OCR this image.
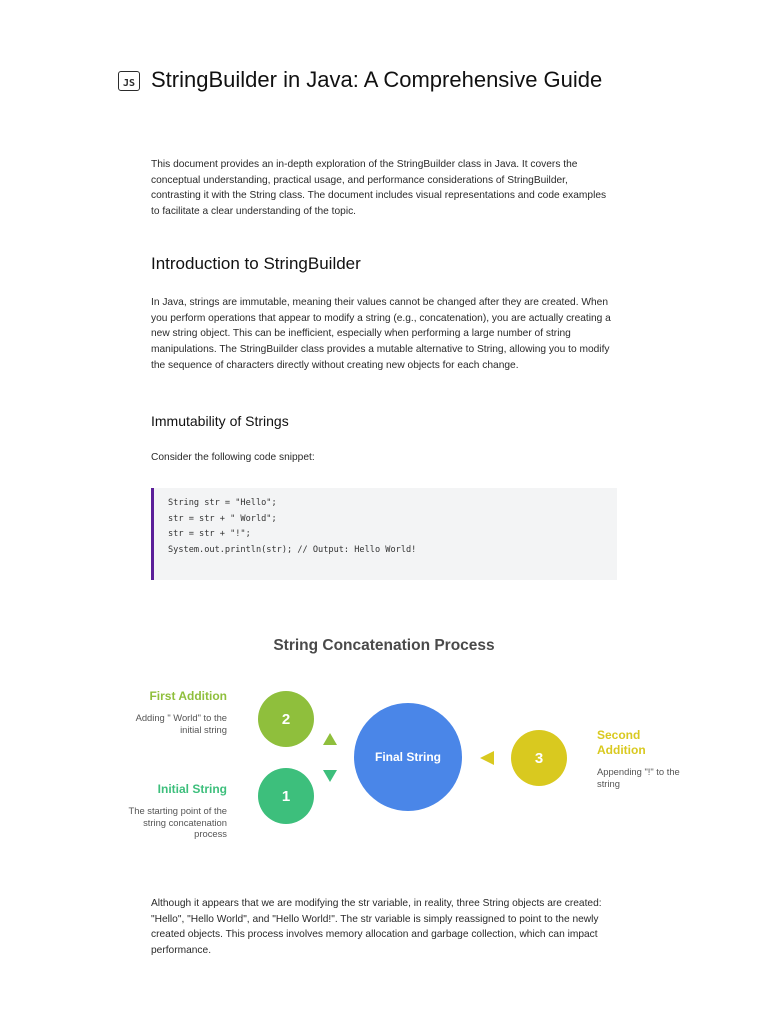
JS StringBuilder in Java: A Comprehensive Guide

This document provides an in-depth exploration of the StringBuilder class in Java. It covers the conceptual understanding, practical usage, and performance considerations of StringBuilder, contrasting it with the String class. The document includes visual representations and code examples to facilitate a clear understanding of the topic.

Introduction to StringBuilder

In Java, strings are immutable, meaning their values cannot be changed after they are created. When you perform operations that appear to modify a string (e.g., concatenation), you are actually creating a new string object. This can be inefficient, especially when performing a large number of string manipulations. The StringBuilder class provides a mutable alternative to String, allowing you to modify the sequence of characters directly without creating new objects for each change.

Immutability of Strings

Consider the following code snippet:

String str = "Hello";
str = str + " World";
str = str + "!";
System.out.println(str); // Output: Hello World!
String Concatenation Process
Final String
2
1
3
First Addition
Adding " World" to the initial string
Initial String
The starting point of the string concatenation process
Second Addition
Appending "!" to the string

Although it appears that we are modifying the str variable, in reality, three String objects are created: "Hello", "Hello World", and "Hello World!". The str variable is simply reassigned to point to the newly created objects. This process involves memory allocation and garbage collection, which can impact performance.
